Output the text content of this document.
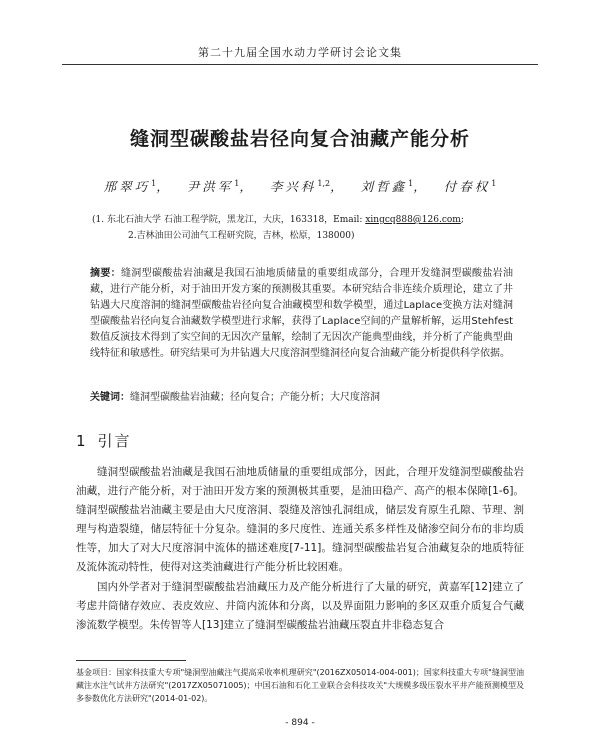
第二十九届全国水动力学研讨会论文集
缝洞型碳酸盐岩径向复合油藏产能分析
邢翠巧$^1$， 尹洪军$^1$， 李兴科$^{1,2}$， 刘哲鑫$^1$， 付春权$^1$
(1. 东北石油大学 石油工程学院，黑龙江，大庆，163318，Email: xingcq888@126.com;
2.吉林油田公司油气工程研究院，吉林，松原，138000)
摘要：缝洞型碳酸盐岩油藏是我国石油地质储量的重要组成部分，合理开发缝洞型碳酸盐岩油藏，进行产能分析，对于油田开发方案的预测极其重要。本研究结合非连续介质理论，建立了井钻遇大尺度溶洞的缝洞型碳酸盐岩径向复合油藏模型和数学模型，通过Laplace变换方法对缝洞型碳酸盐岩径向复合油藏数学模型进行求解，获得了Laplace空间的产量解析解，运用Stehfest数值反演技术得到了实空间的无因次产量解，绘制了无因次产能典型曲线，并分析了产能典型曲线特征和敏感性。研究结果可为井钻遇大尺度溶洞型缝洞径向复合油藏产能分析提供科学依据。
关键词：缝洞型碳酸盐岩油藏；径向复合；产能分析；大尺度溶洞
1 引言

缝洞型碳酸盐岩油藏是我国石油地质储量的重要组成部分，因此，合理开发缝洞型碳酸盐岩油藏，进行产能分析，对于油田开发方案的预测极其重要，是油田稳产、高产的根本保障[1-6]。缝洞型碳酸盐岩油藏主要是由大尺度溶洞、裂缝及溶蚀孔洞组成，储层发育原生孔隙、节理、割理与构造裂缝，储层特征十分复杂。缝洞的多尺度性、连通关系多样性及储渗空间分布的非均质性等，加大了对大尺度溶洞中流体的描述难度[7-11]。缝洞型碳酸盐岩复合油藏复杂的地质特征及流体流动特性，使得对这类油藏进行产能分析比较困难。

国内外学者对于缝洞型碳酸盐岩油藏压力及产能分析进行了大量的研究，黄嘉军[12]建立了考虑井筒储存效应、表皮效应、井筒内流体和分离，以及界面阻力影响的多区双重介质复合气藏渗流数学模型。朱传智等人[13]建立了缝洞型碳酸盐岩油藏压裂直井非稳态复合

基金项目：国家科技重大专项"缝洞型油藏注气提高采收率机理研究"(2016ZX05014-004-001)；国家科技重大专项"缝洞型油藏注水注气试井方法研究"(2017ZX05071005)；中国石油和石化工业联合会科技攻关"大规模多级压裂水平井产能预测模型及多参数优化方法研究"(2014-01-02)。
- 894 -
